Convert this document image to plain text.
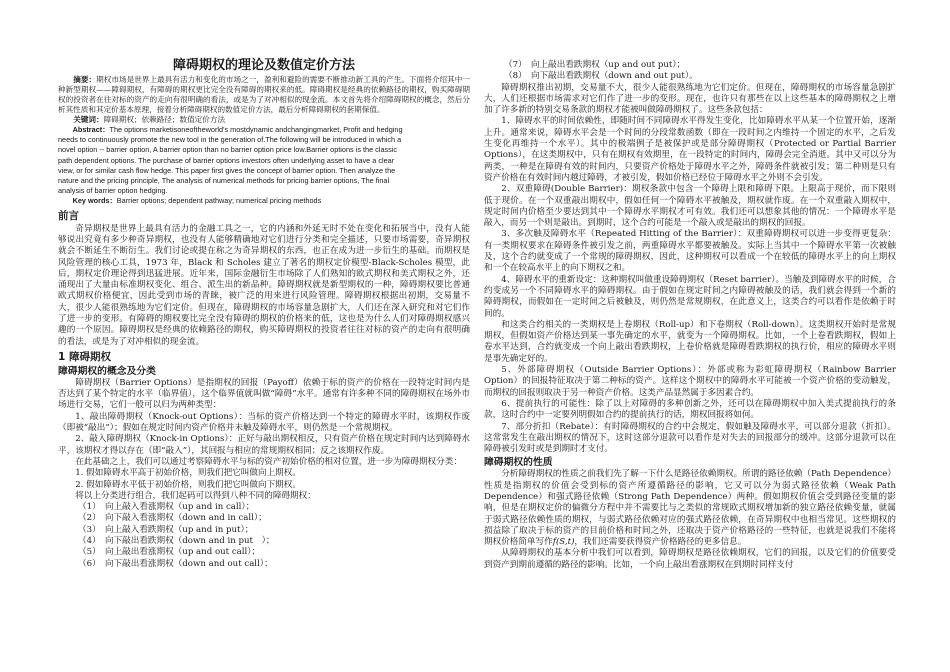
障碍期权的理论及数值定价方法

摘要：期权市场是世界上最具有活力和变化的市场之一，盈利和避险的需要不断推动新工具的产生。下面将介绍其中一种新型期权——障碍期权，有障碍的期权更比完全没有障碍的期权来的低。障碍期权是经典的依赖路径的期权，购买障碍期权的投资者在往对标的资产的走向有很明确的看法，或是为了对冲相似的现金流。本文首先将介绍障碍期权的概念，然后分析其性质和其定价基本原理，接着分析障碍期权的数值定价方法，最后分析障碍期权的套期保值。

关键词：障碍期权；依赖路径；数值定价方法

Abstract：The options marketisoneoftheworld's mostdynamic andchangingmarket, Profit and hedging
needs to continuously promote the new tool in the generation of.The following will be introduced in which a
novel option -- barrier option, A barrier option than no barrier option price low.Barrier options is the classic
path dependent options. The purchase of barrier options investors often underlying asset to have a clear
view, or for similar cash flow hedge. This paper first gives the concept of barrier option. Then analyze the
nature and the pricing principle, The analysis of numerical methods for pricing barrier options, The final
analysis of barrier option hedging.
Key words：Barrier options; dependent pathway; numerical pricing methods
前言

奇异期权是世界上最具有活力的金融工具之一，它的内涵和外延无时不处在变化和拓展当中，没有人能够说出究竟有多少种奇异期权，也没有人能够精确地对它们进行分类和完全描述，只要市场需要，奇异期权就会不断延生不断衍生。我们讨论或提在称之为奇异期权的东西，也正在成为进一步衍生的基础。而期权是风险管理的核心工具，1973 年，Black 和 Scholes 建立了著名的期权定价模型-Black-Scholes 模型，此后，期权定价理论得到迅猛进展。近年来，国际金融衍生市场除了人们熟知的欧式期权和美式期权之外，还涌现出了大量由标准期权变化、组合、派生出的新品种。障碍期权就是新型期权的一种，障碍期权要比普通欧式期权价格便宜，因此受到市场的青睐，被广泛的用来进行风险管理。障碍期权根据出初期，交易量不大，很少人能很熟练地为它们定价。但现在，障碍期权的市场容量急剧扩大，人们还在深入研究和对它们作了进一步的变形。有障碍的期权要比完全没有障碍的期权的价格来的低，这也是为什么人们对障碍期权感兴趣的一个原因。障碍期权是经典的依赖路径的期权，购买障碍期权的投资者往往对标的资产的走向有很明确的看法，或是为了对冲相似的现金流。

1 障碍期权
障碍期权的概念及分类

障碍期权（Barrier Options）是指期权的回报（Payoff）依赖于标的资产的价格在一段特定时间内是否达到了某个特定的水平（临界值），这个临界值就叫做“障碍”水平。通常有许多种不同的障碍期权在场外市场进行交易，它们一般可以归为两种类型：

1、敲出障碍期权（Knock-out Options）：当标的资产价格达到一个特定的障碍水平时，该期权作废（即被“敲出”）；假如在规定时间内资产价格并未触及障碍水平，则仍然是一个常规期权。

2、敲入障碍期权（Knock-in Options）：正好与敲出期权相反，只有资产价格在规定时间内达到障碍水平，该期权才得以存在（即“敲入”），其回报与相应的常规期权相同；反之该期权作废。

在此基础之上，我们可以通过考察障碍水平与标的资产初始价格的相对位置，进一步为障碍期权分类：

1. 假如障碍水平高于初始价格，则我们把它叫做向上期权。

2. 假如障碍水平低于初始价格，则我们把它叫做向下期权。

将以上分类进行组合，我们起码可以得到八种不同的障碍期权：

（1）　向上敲入看涨期权（up and in call）；
（2）　向下敲入看涨期权（down and in call）；
（3）　向上敲入看跌期权（up and in put）；
（4）　向下敲出看跌期权（down and in put　）；
（5）　向上敲出看涨期权（up and out call）；
（6）　向下敲出看涨期权（down and out call）；
（7）　向上敲出看跌期权（up and out put）；
（8）　向下敲出看跌期权（down and out put）。

障碍期权推出初期，交易量不大，很少人能很熟练地为它们定价。但现在，障碍期权的市场容量急剧扩大，人们还根据市场需求对它们作了进一步的变形。现在，也许只有那些在以上这些基本的障碍期权之上增加了许多新的特别交易条款的期权才能被叫做障碍期权了。这些条款包括：

1、障碍水平的时间依赖性，即随时间不同障碍水平得发生变化，比如障碍水平从某一个位置开始，逐渐上升。通常来说，障碍水平会是一个时间的分段常数函数（即在一段时间之内维持一个固定的水平，之后发生变化再维持一个水平）。其中的极端例子是被保护或是部分障碍期权（Protected or Partial Barrier Options），在这类期权中，只有在期权有效期里，在一段特定的时间内，障碍会完全消逝。其中又可以分为两类，一种是在障碍有效的时间内，只要资产价格处于障碍水平之外，障碍条件就被引发；第二种则是只有资产价格在有效时间内越过障碍，才被引发，假如价格已经位于障碍水平之外则不会引发。

2、双重障碍(Double Barrier)：期权条款中包含一个障碍上限和障碍下限。上限高于现价，而下限则低于现价。在一个双重敲出期权中，假如任何一个障碍水平被触及，期权就作废。在一个双重敲入期权中，规定时间内价格至少要达到其中一个障碍水平期权才可有效。我们还可以想象其他的情况：一个障碍水平是敲入，而另一个则是敲出。到期时，这个合约可能是一个敲入或是敲出的期权的回报。

3、多次触及障碍水平（Repeated Hitting of the Barrier）：双重障碍期权可以进一步变得更复杂：有一类期权要求在障碍条件被引发之前，两重障碍水平都要被触及。实际上当其中一个障碍水平第一次被触及，这个合约就变成了一个常规的障碍期权，因此，这种期权可以看成一个在较低的障碍水平上的向上期权和一个在较高水平上的向下期权之和。

4、障碍水平的重新设定：这种期权叫做重设障碍期权（Reset barrier）。当触及到障碍水平的时候，合约变成另一个不同障碍水平的障碍期权。由于假如在规定时间之内障碍被触及的话，我们就会得到一个新的障碍期权，而假如在一定时间之后被触及，则仍然是常规期权，在此意义上，这类合约可以看作是依赖于时间的。

和这类合约相关的一类期权是上卷期权（Roll-up）和下卷期权（Roll-down）。这类期权开始时是常规期权，但假如资产价格达到某一事先确定的水平，就变为一个障碍期权。比如，一个上卷看跌期权，假如上卷水平达到，合约就变成一个向上敲出看跌期权，上卷价格就是障碍看跌期权的执行价，相应的障碍水平则是事先确定好的。

5、外部障碍期权（Outside Barrier Options）：外部或称为彩虹障碍期权（Rainbow Barrier Option）的回报特征取决于第二种标的资产。这样这个期权中的障碍水平可能被一个资产价格的变动触发，而期权的回报则取决于另一种资产价格。这类产品显然属于多因素合约。

6、提前执行的可能性：除了以上对障碍的多种创新之外，还可以在障碍期权中加入美式提前执行的条款，这时合约中一定要列明假如合约的提前执行的话，期权回报将如何。

7、部分折扣（Rebate）：有时障碍期权的合约中会规定，假如触及障碍水平，可以部分退款（折扣）。这常常发生在敲出期权的情况下，这时这部分退款可以看作是对失去的回报部分的缓冲。这部分退款可以在障碍被引发时或是到期时才支付。

障碍期权的性质

分析障碍期权的性质之前我们先了解一下什么是路径依赖期权。所谓的路径依赖（Path Dependence）性质是指期权的价值会受到标的资产所遵循路径的影响，它又可以分为弱式路径依赖（Weak Path Dependence）和强式路径依赖（Strong Path Dependence）两种。假如期权价值会受到路径变量的影响，但是在期权定价的偏微分方程中并不需要比与之类似的常规欧式期权增加新的独立路径依赖变量，就属于弱式路径依赖性质的期权，与弱式路径依赖对应的强式路径依赖，在奇异期权中也相当常见。这些期权的损益除了取决于标的资产的目前价格和时间之外，还取决于资产价格路径的一些特征，也就是说我们不能将期权价格简单写作f(S,t)，我们还需要获得资产价格路径的更多信息。

从障碍期权的基本分析中我们可以看到，障碍期权是路径依赖期权，它们的回报，以及它们的价值要受到资产到期前遵循的路径的影响。比如，一个向上敲出看涨期权在到期时同样支付
